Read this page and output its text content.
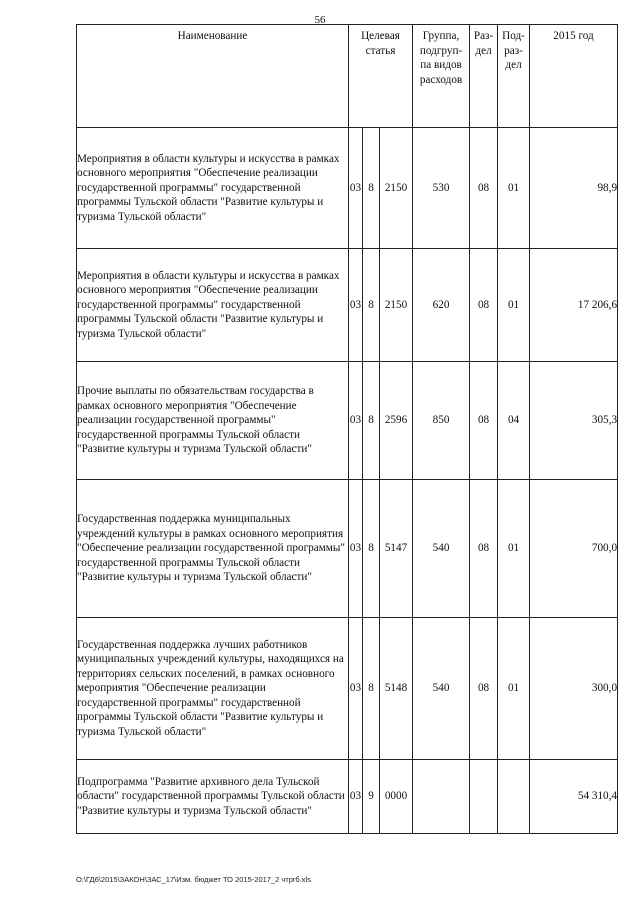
56
Наименование	Целевая статья			Группа, подгруп-па видов расходов	Раз-дел	Под-раз-дел	2015 год
Мероприятия в области культуры и искусства в рамках основного мероприятия "Обеспечение реализации государственной программы" государственной программы Тульской области "Развитие культуры и туризма Тульской области"	03	8	2150	530	08	01	98,9
Мероприятия в области культуры и искусства в рамках основного мероприятия "Обеспечение реализации государственной программы" государственной программы Тульской области "Развитие культуры и туризма Тульской области"	03	8	2150	620	08	01	17 206,6
Прочие выплаты по обязательствам государства в рамках основного мероприятия "Обеспечение реализации государственной программы" государственной программы Тульской области "Развитие культуры и туризма Тульской области"	03	8	2596	850	08	04	305,3
Государственная поддержка муниципальных учреждений культуры в рамках основного мероприятия "Обеспечение реализации государственной программы" государственной программы Тульской области "Развитие культуры и туризма Тульской области"	03	8	5147	540	08	01	700,0
Государственная поддержка лучших работников муниципальных учреждений культуры, находящихся на территориях сельских поселений, в рамках основного мероприятия "Обеспечение реализации государственной программы" государственной программы Тульской области "Развитие культуры и туризма Тульской области"	03	8	5148	540	08	01	300,0
Подпрограмма "Развитие архивного дела Тульской области" государственной программы Тульской области "Развитие культуры и туризма Тульской области"	03	9	0000				54 310,4
O:\ГД6\2015\ЗАКОН\ЗАС_17\Изм. бюджет ТО 2015-2017_2 чтprб.xls
